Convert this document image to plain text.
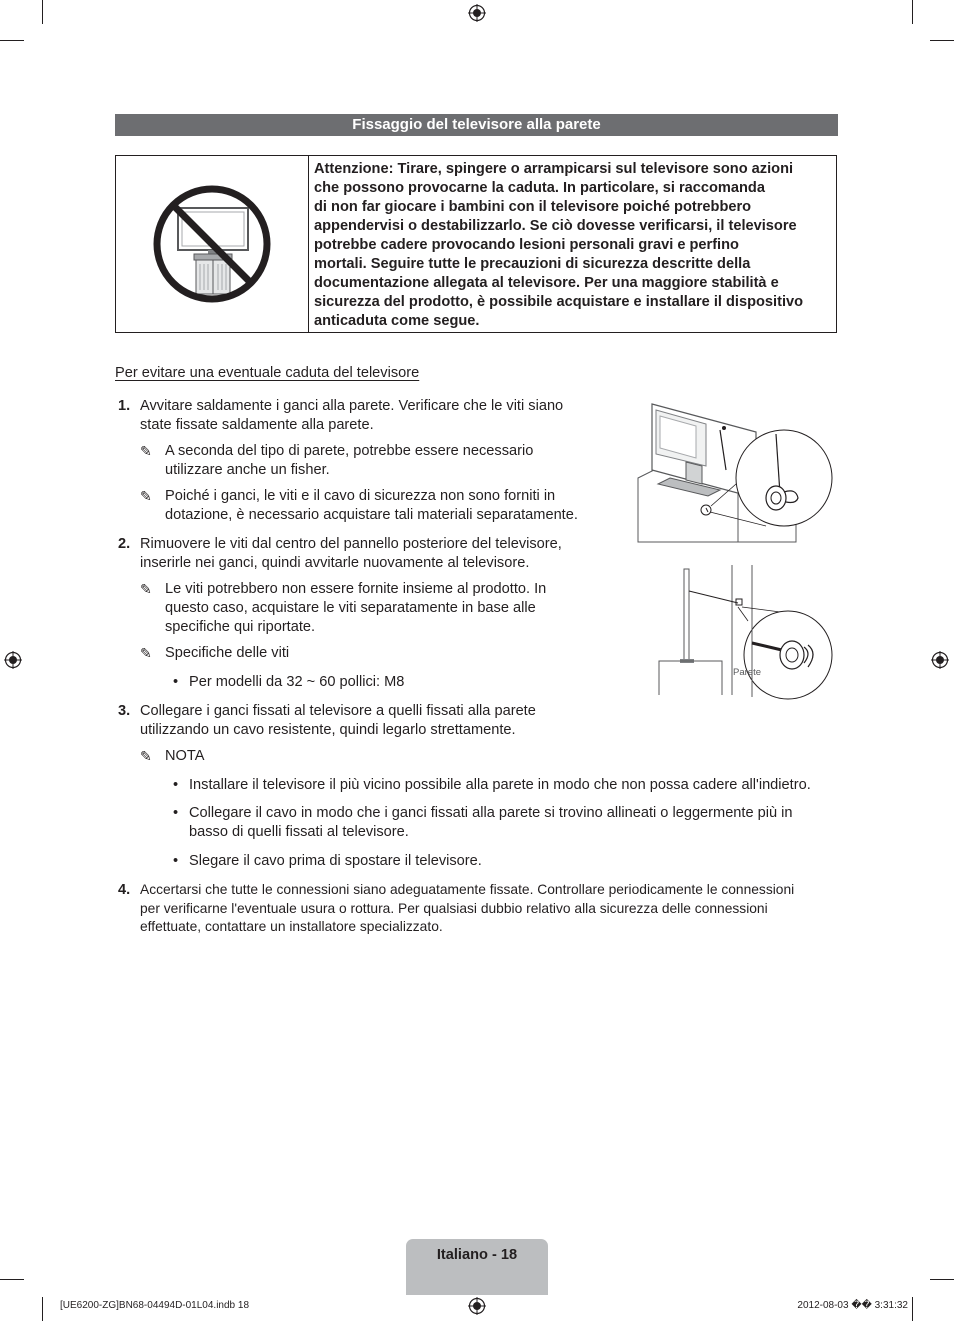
Fissaggio del televisore alla parete
Attenzione: Tirare, spingere o arrampicarsi sul televisore sono azioni
che possono provocarne la caduta. In particolare, si raccomanda
di non far giocare i bambini con il televisore poiché potrebbero
appendervisi o destabilizzarlo. Se ciò dovesse verificarsi, il televisore
potrebbe cadere provocando lesioni personali gravi e perfino
mortali. Seguire tutte le precauzioni di sicurezza descritte della
documentazione allegata al televisore. Per una maggiore stabilità e
sicurezza del prodotto, è possibile acquistare e installare il dispositivo
anticaduta come segue.
Per evitare una eventuale caduta del televisore
1. Avvitare saldamente i ganci alla parete. Verificare che le viti siano
state fissate saldamente alla parete.
✎ A seconda del tipo di parete, potrebbe essere necessario
utilizzare anche un fisher.
✎ Poiché i ganci, le viti e il cavo di sicurezza non sono forniti in
dotazione, è necessario acquistare tali materiali separatamente.
2. Rimuovere le viti dal centro del pannello posteriore del televisore,
inserirle nei ganci, quindi avvitarle nuovamente al televisore.
✎ Le viti potrebbero non essere fornite insieme al prodotto. In
questo caso, acquistare le viti separatamente in base alle
specifiche qui riportate.
✎ Specifiche delle viti
• Per modelli da 32 ~ 60 pollici: M8
3. Collegare i ganci fissati al televisore a quelli fissati alla parete
utilizzando un cavo resistente, quindi legarlo strettamente.
✎ NOTA
• Installare il televisore il più vicino possibile alla parete in modo che non possa cadere all'indietro.
• Collegare il cavo in modo che i ganci fissati alla parete si trovino allineati o leggermente più in
basso di quelli fissati al televisore.
• Slegare il cavo prima di spostare il televisore.
4. Accertarsi che tutte le connessioni siano adeguatamente fissate. Controllare periodicamente le connessioni
per verificarne l'eventuale usura o rottura. Per qualsiasi dubbio relativo alla sicurezza delle connessioni
effettuate, contattare un installatore specializzato.
Parete
Italiano - 18
[UE6200-ZG]BN68-04494D-01L04.indb 18	2012-08-03 �� 3:31:32
